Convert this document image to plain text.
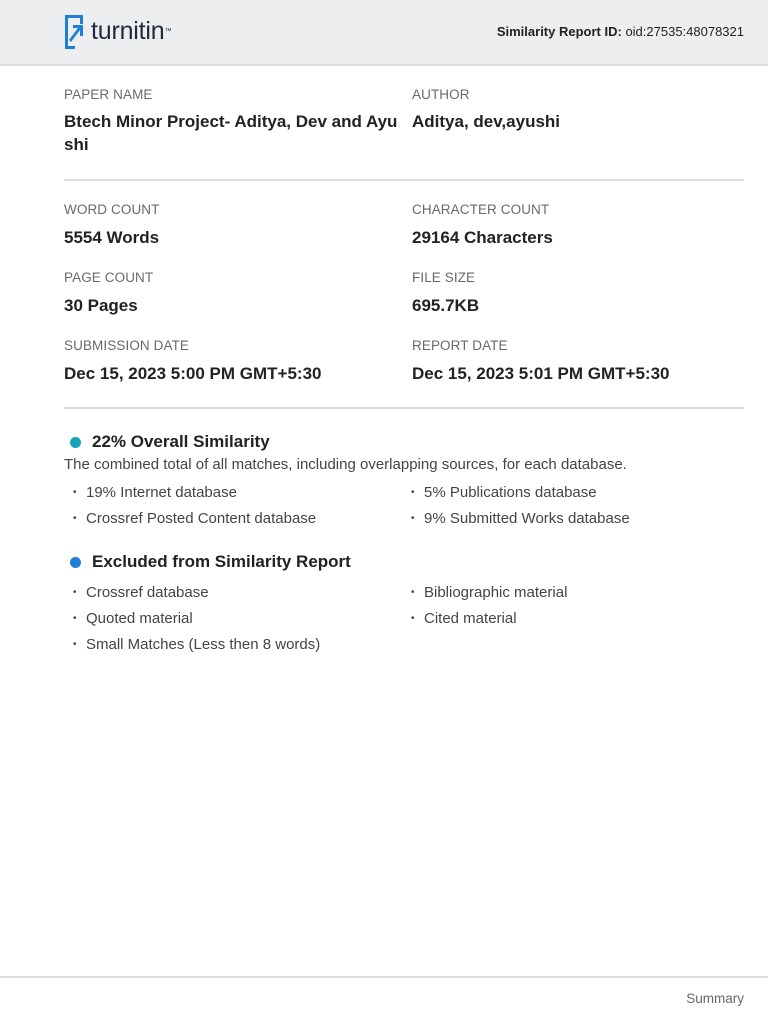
turnitin ™	Similarity Report ID: oid:27535:48078321
PAPER NAME
Btech Minor Project- Aditya, Dev and Ayu shi
AUTHOR
Aditya, dev,ayushi
WORD COUNT
5554 Words
CHARACTER COUNT
29164 Characters
PAGE COUNT
30 Pages
FILE SIZE
695.7KB
SUBMISSION DATE
Dec 15, 2023 5:00 PM GMT+5:30
REPORT DATE
Dec 15, 2023 5:01 PM GMT+5:30
22% Overall Similarity
The combined total of all matches, including overlapping sources, for each database.
• 19% Internet database	• 5% Publications database
• Crossref Posted Content database	• 9% Submitted Works database
Excluded from Similarity Report
• Crossref database	• Bibliographic material
• Quoted material	• Cited material
• Small Matches (Less then 8 words)
Summary
